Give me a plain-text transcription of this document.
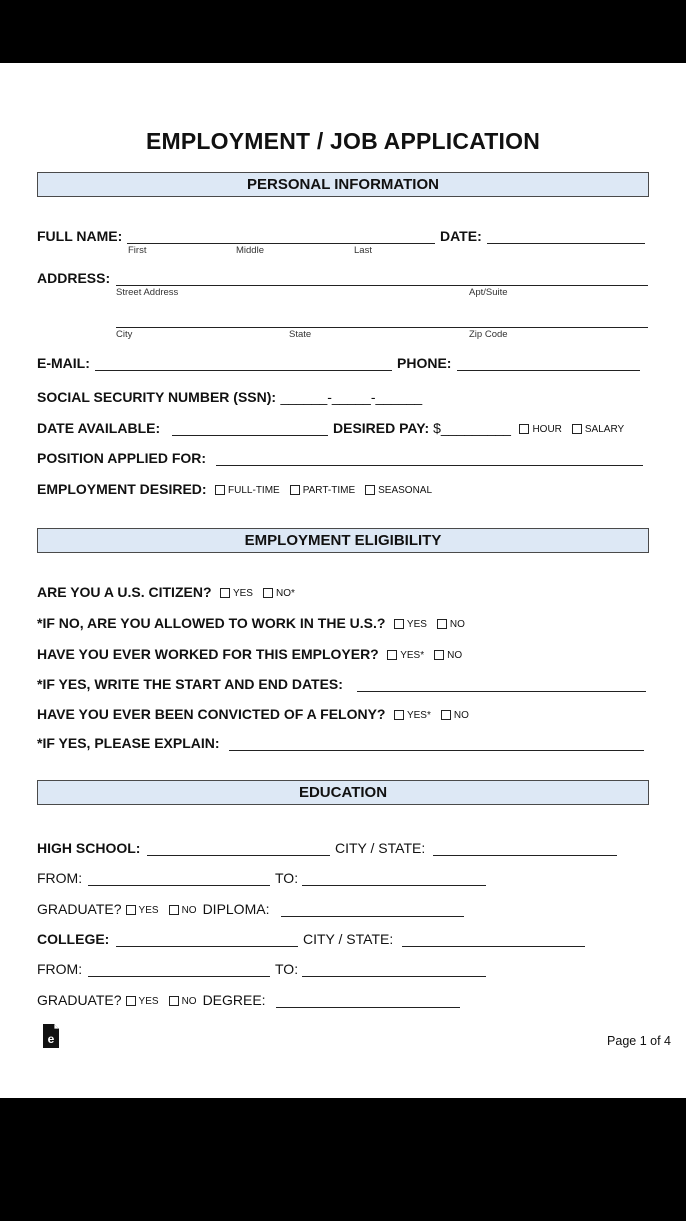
EMPLOYMENT / JOB APPLICATION
PERSONAL INFORMATION
FULL NAME:	DATE:
First	Middle	Last
ADDRESS:
Street Address	Apt/Suite
City	State	Zip Code
E-MAIL:	PHONE:
SOCIAL SECURITY NUMBER (SSN): ______-_____-______
DATE AVAILABLE:	DESIRED PAY: $_________ HOUR SALARY
POSITION APPLIED FOR:
EMPLOYMENT DESIRED: FULL-TIME PART-TIME SEASONAL
EMPLOYMENT ELIGIBILITY
ARE YOU A U.S. CITIZEN? YES NO*
*IF NO, ARE YOU ALLOWED TO WORK IN THE U.S.? YES NO
HAVE YOU EVER WORKED FOR THIS EMPLOYER? YES* NO
*IF YES, WRITE THE START AND END DATES:
HAVE YOU EVER BEEN CONVICTED OF A FELONY? YES* NO
*IF YES, PLEASE EXPLAIN:
EDUCATION
HIGH SCHOOL:	CITY / STATE:
FROM:	TO:
GRADUATE? YES NO DIPLOMA:
COLLEGE:	CITY / STATE:
FROM:	TO:
GRADUATE? YES NO DEGREE:
e	Page 1 of 4
